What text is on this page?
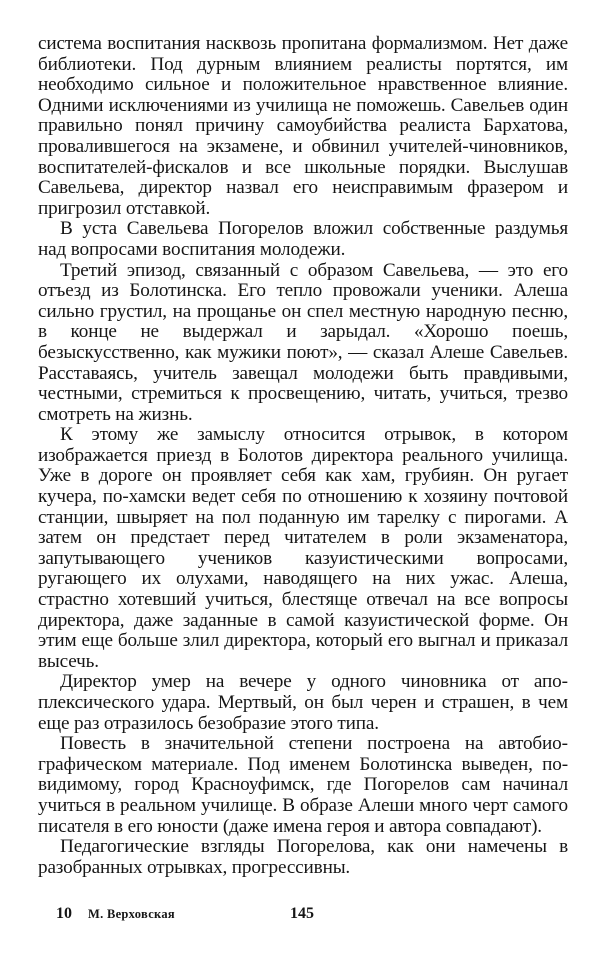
система воспитания насквозь пропитана формализмом. Нет даже библиотеки. Под дурным влиянием реалисты портятся, им необходимо сильное и положительное нравственное влияние. Одними исключениями из училища не поможешь. Савельев один правильно понял причину самоубийства реалиста Бархатова, провалившегося на экзамене, и обвинил учителей-чиновников, воспитателей-фискалов и все школьные порядки. Выслушав Савельева, директор назвал его неисправимым фразером и пригрозил отставкой.

В уста Савельева Погорелов вложил собственные раздумья над вопросами воспитания молодежи.

Третий эпизод, связанный с образом Савельева, — это его отъезд из Болотинска. Его тепло провожали ученики. Алеша сильно грустил, на прощанье он спел местную народную песню, в конце не выдержал и зарыдал. «Хорошо поешь, безыскусственно, как мужики поют», — сказал Алеше Савельев. Расставаясь, учитель завещал молодежи быть правдивыми, честными, стремиться к просвещению, читать, учиться, трезво смотреть на жизнь.

К этому же замыслу относится отрывок, в котором изображается приезд в Болотов директора реального училища. Уже в дороге он проявляет себя как хам, грубиян. Он ругает кучера, по-хамски ведет себя по отношению к хозяину почтовой станции, швыряет на пол поданную им тарелку с пирогами. А затем он предстает перед читателем в роли экзаменатора, запутывающего учеников казуистическими вопросами, ругающего их олухами, наводящего на них ужас. Алеша, страстно хотевший учиться, блестяще отвечал на все вопросы директора, даже заданные в самой казуистической форме. Он этим еще больше злил директора, который его выгнал и приказал высечь.

Директор умер на вечере у одного чиновника от апоплексического удара. Мертвый, он был черен и страшен, в чем еще раз отразилось безобразие этого типа.

Повесть в значительной степени построена на автобиографическом материале. Под именем Болотинска выведен, по-видимому, город Красноуфимск, где Погорелов сам начинал учиться в реальном училище. В образе Алеши много черт самого писателя в его юности (даже имена героя и автора совпадают).

Педагогические взгляды Погорелова, как они намечены в разобранных отрывках, прогрессивны.

10 М. Верховская	145
